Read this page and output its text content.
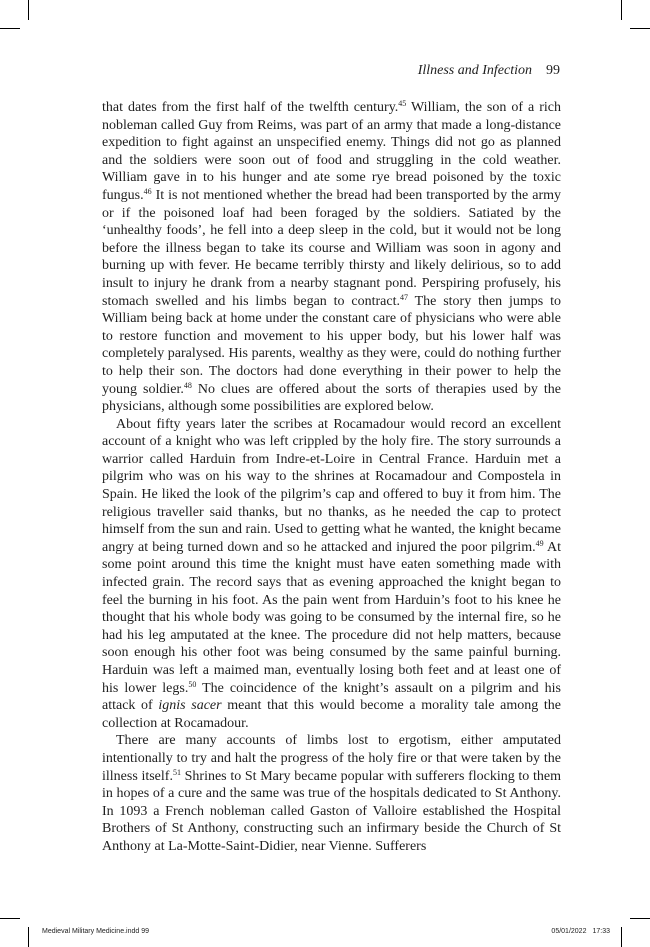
Illness and Infection 99

that dates from the first half of the twelfth century.$^{45}$ William, the son of a rich nobleman called Guy from Reims, was part of an army that made a long-distance expedition to fight against an unspecified enemy. Things did not go as planned and the soldiers were soon out of food and struggling in the cold weather. William gave in to his hunger and ate some rye bread poisoned by the toxic fungus.$^{46}$ It is not mentioned whether the bread had been transported by the army or if the poisoned loaf had been foraged by the soldiers. Satiated by the ‘unhealthy foods’, he fell into a deep sleep in the cold, but it would not be long before the illness began to take its course and William was soon in agony and burning up with fever. He became terribly thirsty and likely delirious, so to add insult to injury he drank from a nearby stagnant pond. Perspiring profusely, his stomach swelled and his limbs began to contract.$^{47}$ The story then jumps to William being back at home under the constant care of physicians who were able to restore function and movement to his upper body, but his lower half was completely paralysed. His parents, wealthy as they were, could do nothing further to help their son. The doctors had done everything in their power to help the young soldier.$^{48}$ No clues are offered about the sorts of therapies used by the physicians, although some possibilities are explored below.

About fifty years later the scribes at Rocamadour would record an excellent account of a knight who was left crippled by the holy fire. The story surrounds a warrior called Harduin from Indre-et-Loire in Central France. Harduin met a pilgrim who was on his way to the shrines at Rocamadour and Compostela in Spain. He liked the look of the pilgrim’s cap and offered to buy it from him. The religious traveller said thanks, but no thanks, as he needed the cap to protect himself from the sun and rain. Used to getting what he wanted, the knight became angry at being turned down and so he attacked and injured the poor pilgrim.$^{49}$ At some point around this time the knight must have eaten something made with infected grain. The record says that as evening approached the knight began to feel the burning in his foot. As the pain went from Harduin’s foot to his knee he thought that his whole body was going to be consumed by the internal fire, so he had his leg amputated at the knee. The procedure did not help matters, because soon enough his other foot was being consumed by the same painful burning. Harduin was left a maimed man, eventually losing both feet and at least one of his lower legs.$^{50}$ The coincidence of the knight’s assault on a pilgrim and his attack of ignis sacer meant that this would become a morality tale among the collection at Rocamadour.

There are many accounts of limbs lost to ergotism, either amputated intentionally to try and halt the progress of the holy fire or that were taken by the illness itself.$^{51}$ Shrines to St Mary became popular with sufferers flocking to them in hopes of a cure and the same was true of the hospitals dedicated to St Anthony. In 1093 a French nobleman called Gaston of Valloire established the Hospital Brothers of St Anthony, constructing such an infirmary beside the Church of St Anthony at La-Motte-Saint-Didier, near Vienne. Sufferers

Medieval Military Medicine.indd 99	05/01/2022 17:33
